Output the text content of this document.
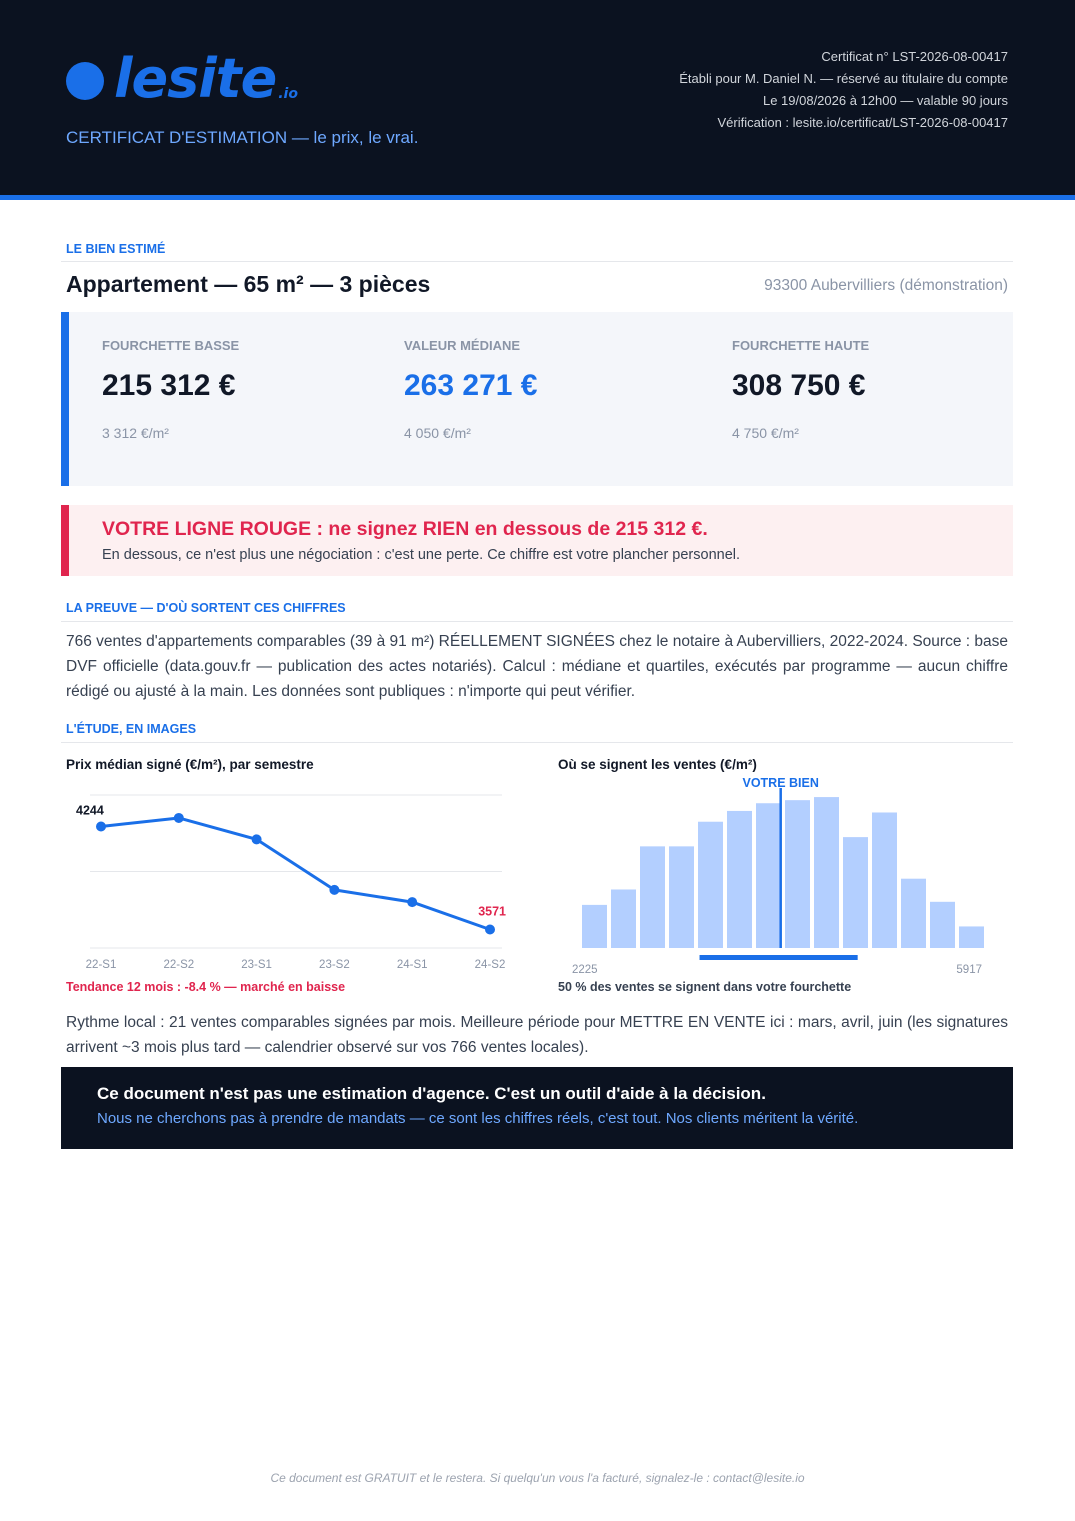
lesite .io
CERTIFICAT D'ESTIMATION — le prix, le vrai.
Certificat n° LST-2026-08-00417
Établi pour M. Daniel N. — réservé au titulaire du compte
Le 19/08/2026 à 12h00 — valable 90 jours
Vérification : lesite.io/certificat/LST-2026-08-00417
LE BIEN ESTIMÉ
Appartement — 65 m² — 3 pièces	93300 Aubervilliers (démonstration)
FOURCHETTE BASSE
215 312 €
3 312 €/m²
VALEUR MÉDIANE
263 271 €
4 050 €/m²
FOURCHETTE HAUTE
308 750 €
4 750 €/m²
VOTRE LIGNE ROUGE : ne signez RIEN en dessous de 215 312 €.
En dessous, ce n'est plus une négociation : c'est une perte. Ce chiffre est votre plancher personnel.
LA PREUVE — D'OÙ SORTENT CES CHIFFRES
766 ventes d'appartements comparables (39 à 91 m²) RÉELLEMENT SIGNÉES chez le notaire à Aubervilliers, 2022-2024. Source : base DVF officielle (data.gouv.fr — publication des actes notariés). Calcul : médiane et quartiles, exécutés par programme — aucun chiffre rédigé ou ajusté à la main. Les données sont publiques : n'importe qui peut vérifier.
L'ÉTUDE, EN IMAGES
Prix médian signé (€/m²), par semestre
22-S1	22-S2	23-S1	23-S2	24-S1	24-S2
4244
3571
Tendance 12 mois : -8.4 % — marché en baisse
Où se signent les ventes (€/m²)
VOTRE BIEN
2225	5917
50 % des ventes se signent dans votre fourchette
Rythme local : 21 ventes comparables signées par mois. Meilleure période pour METTRE EN VENTE ici : mars, avril, juin (les signatures arrivent ~3 mois plus tard — calendrier observé sur vos 766 ventes locales).
Ce document n'est pas une estimation d'agence. C'est un outil d'aide à la décision.
Nous ne cherchons pas à prendre de mandats — ce sont les chiffres réels, c'est tout. Nos clients méritent la vérité.
Ce document est GRATUIT et le restera. Si quelqu'un vous l'a facturé, signalez-le : contact@lesite.io
